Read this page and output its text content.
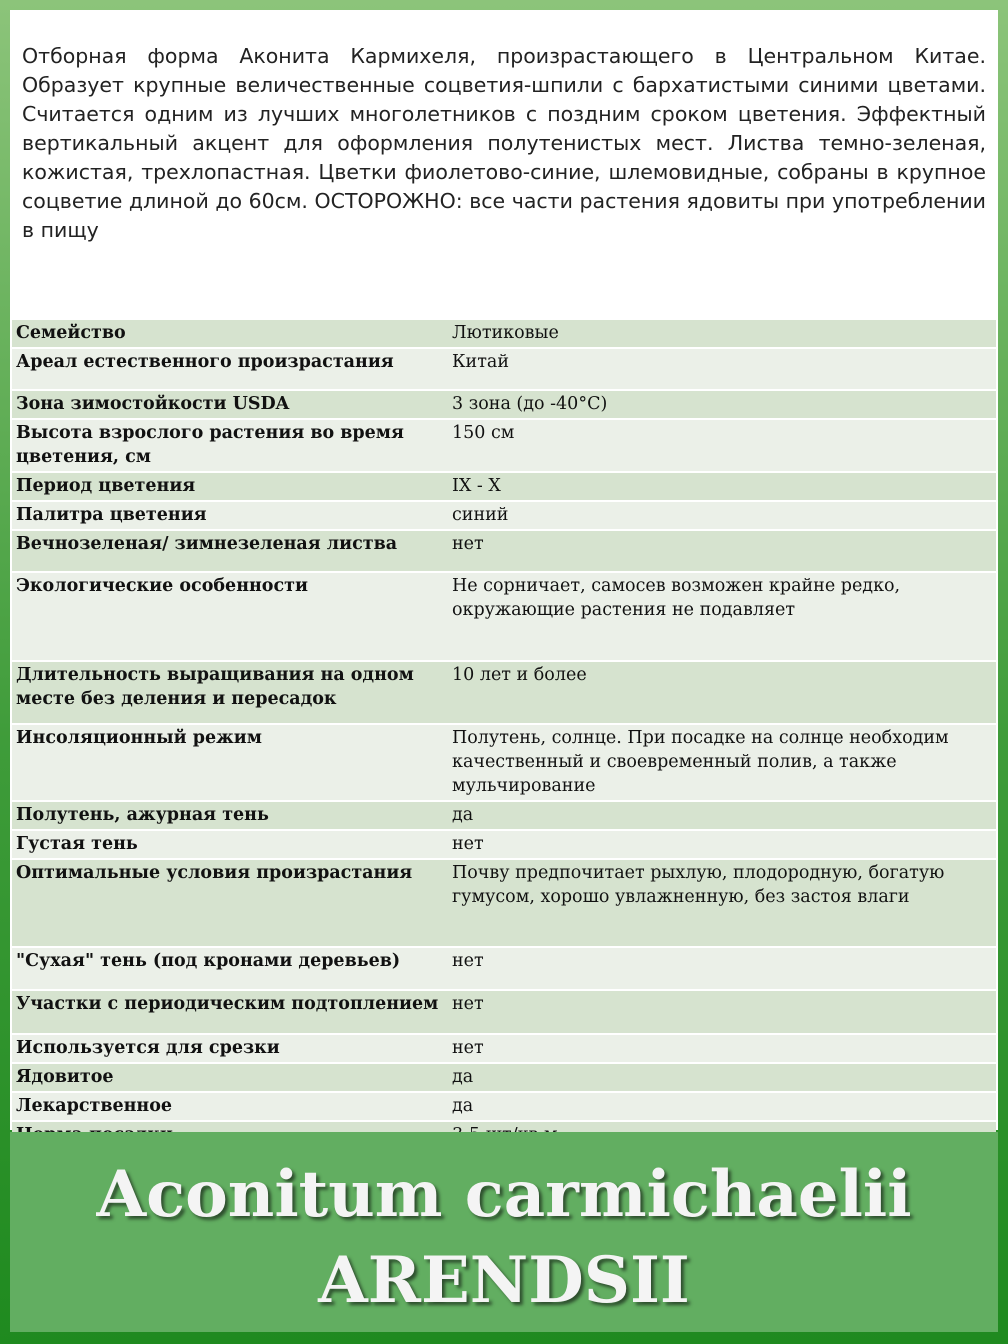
Отборная форма Аконита Кармихеля, произрастающего в Центральном Китае. Образует крупные величественные соцветия-шпили с бархатистыми синими цветами. Считается одним из лучших многолетников с поздним сроком цветения. Эффектный вертикальный акцент для оформления полутенистых мест. Листва темно-зеленая, кожистая, трехлопастная. Цветки фиолетово-синие, шлемовидные, собраны в крупное соцветие длиной до 60см. ОСТОРОЖНО: все части растения ядовиты при употреблении в пищу

Семейство	Лютиковые
Ареал естественного произрастания	Китай
Зона зимостойкости USDA	3 зона (до -40°C)
Высота взрослого растения во время цветения, см	150 см
Период цветения	IX - X
Палитра цветения	синий
Вечнозеленая/ зимнезеленая листва	нет
Экологические особенности	Не сорничает, самосев возможен крайне редко, окружающие растения не подавляет
Длительность выращивания на одном месте без деления и пересадок	10 лет и более
Инсоляционный режим	Полутень, солнце. При посадке на солнце необходим качественный и своевременный полив, а также мульчирование
Полутень, ажурная тень	да
Густая тень	нет
Оптимальные условия произрастания	Почву предпочитает рыхлую, плодородную, богатую гумусом, хорошо увлажненную, без застоя влаги
"Сухая" тень (под кронами деревьев)	нет
Участки с периодическим подтоплением	нет
Используется для срезки	нет
Ядовитое	да
Лекарственное	да

Aconitum carmichaelii
ARENDSII
